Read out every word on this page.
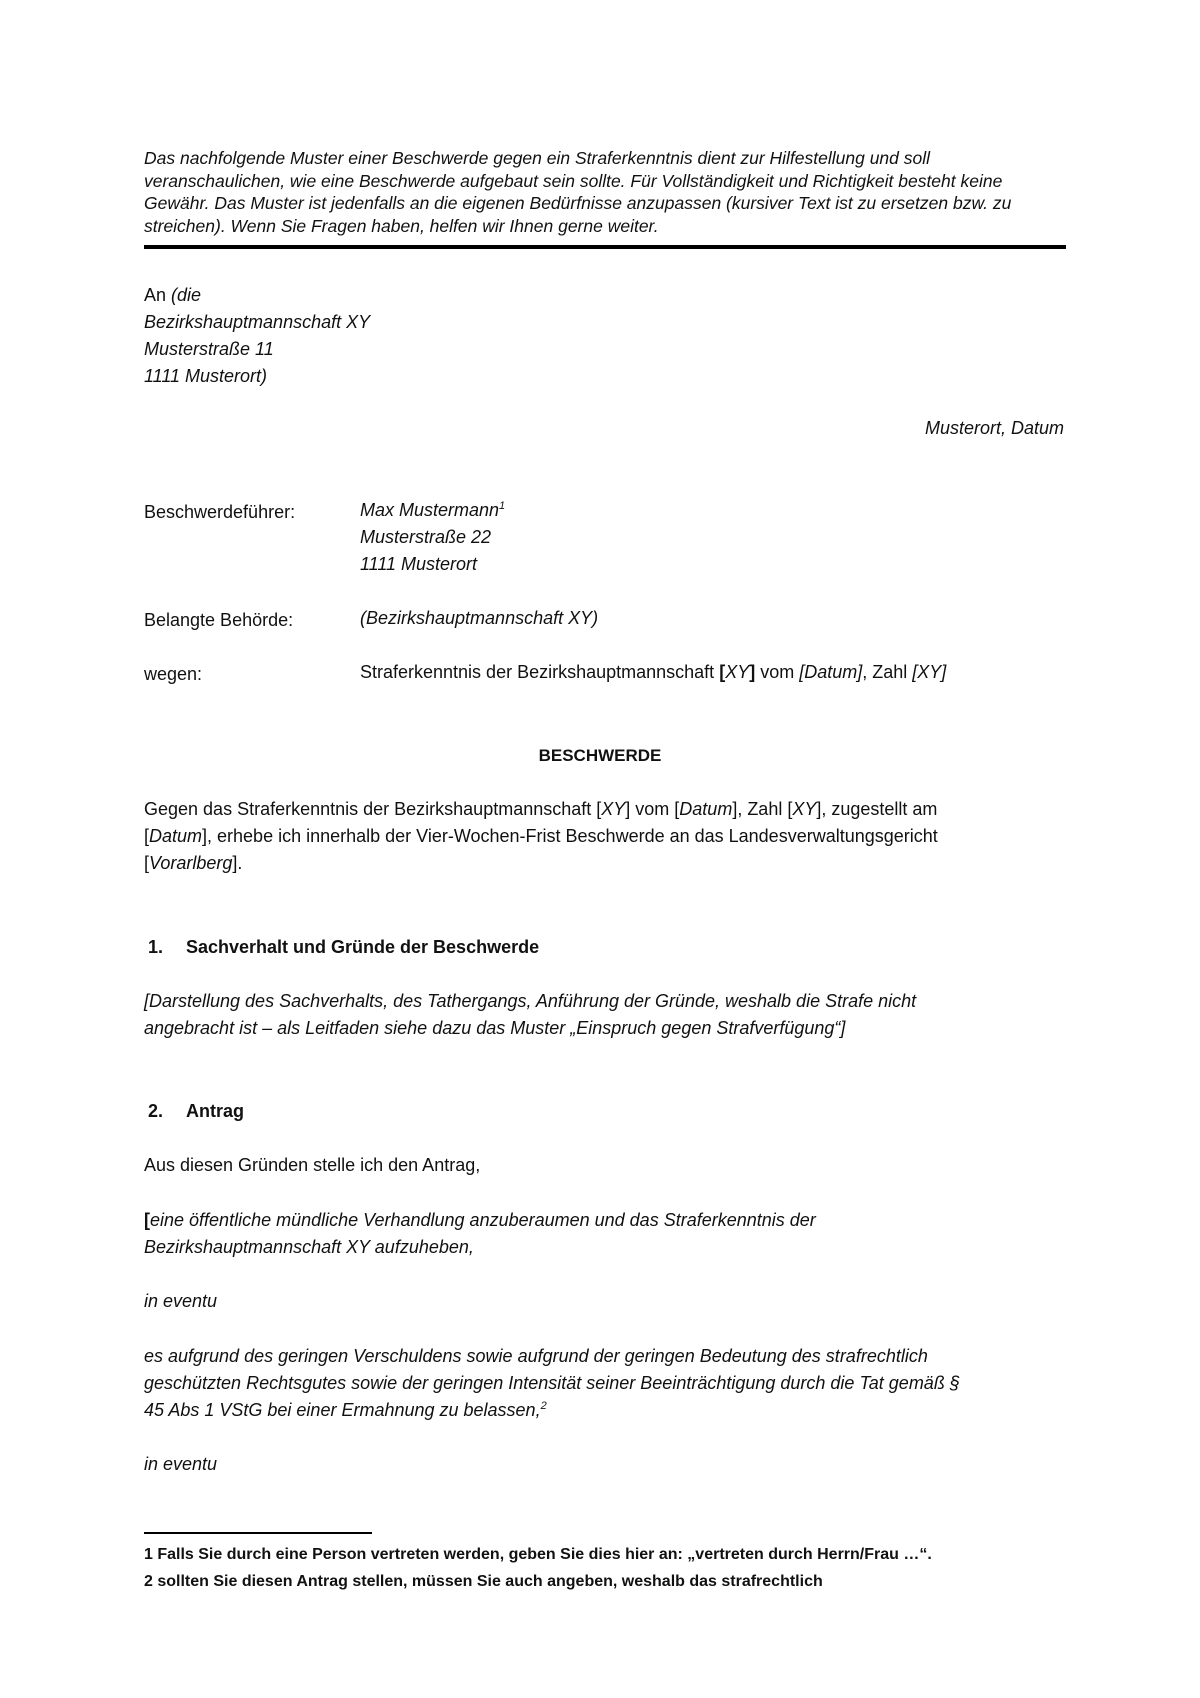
Das nachfolgende Muster einer Beschwerde gegen ein Straferkenntnis dient zur Hilfestellung und soll
veranschaulichen, wie eine Beschwerde aufgebaut sein sollte. Für Vollständigkeit und Richtigkeit besteht keine
Gewähr. Das Muster ist jedenfalls an die eigenen Bedürfnisse anzupassen (kursiver Text ist zu ersetzen bzw. zu
streichen). Wenn Sie Fragen haben, helfen wir Ihnen gerne weiter.
An (die
Bezirkshauptmannschaft XY
Musterstraße 11
1111 Musterort)
Musterort, Datum
Beschwerdeführer:	Max Mustermann$^1$
Musterstraße 22
1111 Musterort
Belangte Behörde:	(Bezirkshauptmannschaft XY)
wegen:	Straferkenntnis der Bezirkshauptmannschaft [XY] vom [Datum], Zahl [XY]
BESCHWERDE
Gegen das Straferkenntnis der Bezirkshauptmannschaft [XY] vom [Datum], Zahl [XY], zugestellt am
[Datum], erhebe ich innerhalb der Vier-Wochen-Frist Beschwerde an das Landesverwaltungsgericht
[Vorarlberg].
1. Sachverhalt und Gründe der Beschwerde
[Darstellung des Sachverhalts, des Tathergangs, Anführung der Gründe, weshalb die Strafe nicht
angebracht ist – als Leitfaden siehe dazu das Muster „Einspruch gegen Strafverfügung“]
2. Antrag
Aus diesen Gründen stelle ich den Antrag,
[eine öffentliche mündliche Verhandlung anzuberaumen und das Straferkenntnis der
Bezirkshauptmannschaft XY aufzuheben,
in eventu
es aufgrund des geringen Verschuldens sowie aufgrund der geringen Bedeutung des strafrechtlich
geschützten Rechtsgutes sowie der geringen Intensität seiner Beeinträchtigung durch die Tat gemäß §
45 Abs 1 VStG bei einer Ermahnung zu belassen,$^2$
in eventu
1 Falls Sie durch eine Person vertreten werden, geben Sie dies hier an: „vertreten durch Herrn/Frau …“.
2 sollten Sie diesen Antrag stellen, müssen Sie auch angeben, weshalb das strafrechtlich
